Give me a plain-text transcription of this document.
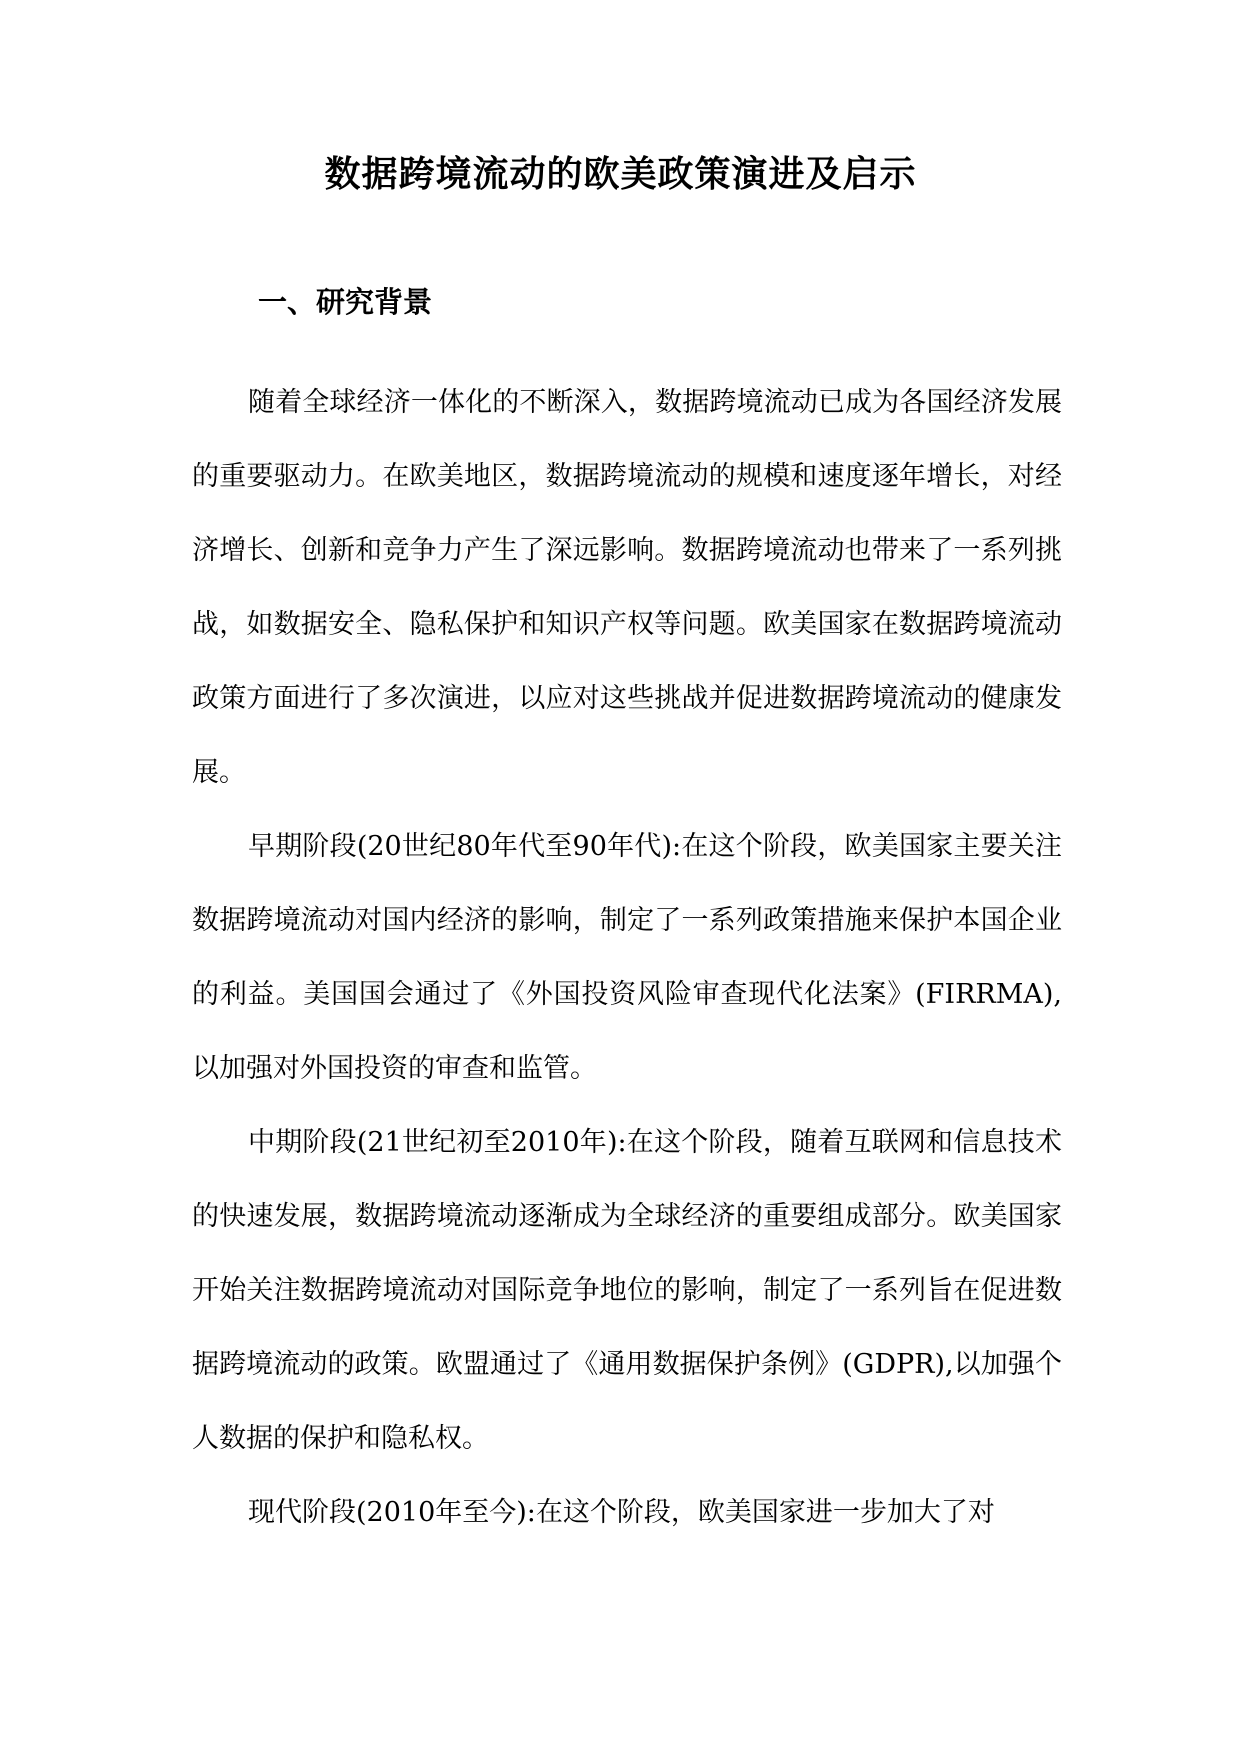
数据跨境流动的欧美政策演进及启示
一、研究背景

随着全球经济一体化的不断深入，数据跨境流动已成为各国经济发展的重要驱动力。在欧美地区，数据跨境流动的规模和速度逐年增长，对经济增长、创新和竞争力产生了深远影响。数据跨境流动也带来了一系列挑战，如数据安全、隐私保护和知识产权等问题。欧美国家在数据跨境流动政策方面进行了多次演进，以应对这些挑战并促进数据跨境流动的健康发展。

早期阶段(20世纪80年代至90年代):在这个阶段，欧美国家主要关注数据跨境流动对国内经济的影响，制定了一系列政策措施来保护本国企业的利益。美国国会通过了《外国投资风险审查现代化法案》(FIRRMA),以加强对外国投资的审查和监管。

中期阶段(21世纪初至2010年):在这个阶段，随着互联网和信息技术的快速发展，数据跨境流动逐渐成为全球经济的重要组成部分。欧美国家开始关注数据跨境流动对国际竞争地位的影响，制定了一系列旨在促进数据跨境流动的政策。欧盟通过了《通用数据保护条例》(GDPR),以加强个人数据的保护和隐私权。

现代阶段(2010年至今):在这个阶段，欧美国家进一步加大了对
